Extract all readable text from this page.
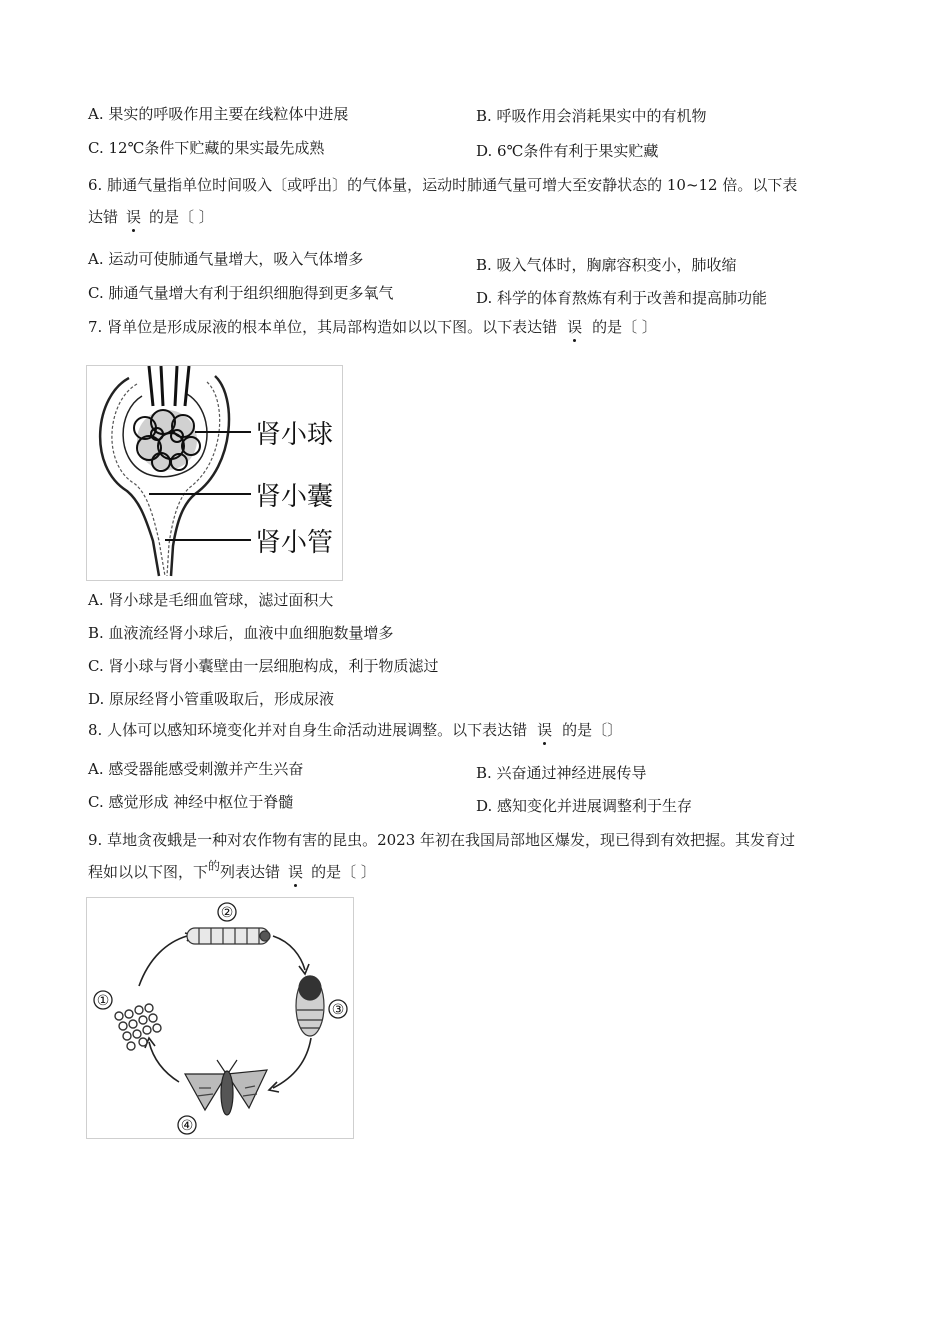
A. 果实的呼吸作用主要在线粒体中进展	B. 呼吸作用会消耗果实中的有机物
C. 12℃条件下贮藏的果实最先成熟	D. 6℃条件有利于果实贮藏
6. 肺通气量指单位时间吸入〔或呼出〕的气体量，运动时肺通气量可增大至安静状态的 10~12 倍。以下表
达错 误 的是〔 〕
A. 运动可使肺通气量增大，吸入气体增多	B. 吸入气体时，胸廓容积变小，肺收缩
C. 肺通气量增大有利于组织细胞得到更多氧气	D. 科学的体育熬炼有利于改善和提高肺功能
7. 肾单位是形成尿液的根本单位，其局部构造如以以下图。以下表达错 误 的是〔 〕
肾小球
肾小囊
肾小管
A. 肾小球是毛细血管球，滤过面积大
B. 血液流经肾小球后，血液中血细胞数量增多
C. 肾小球与肾小囊壁由一层细胞构成，利于物质滤过
D. 原尿经肾小管重吸取后，形成尿液
8. 人体可以感知环境变化并对自身生命活动进展调整。以下表达错 误 的是〔〕
A. 感受器能感受刺激并产生兴奋	B. 兴奋通过神经进展传导
C. 感觉形成 神经中枢位于脊髓	D. 感知变化并进展调整利于生存
9. 草地贪夜蛾是一种对农作物有害的昆虫。2023 年初在我国局部地区爆发，现已得到有效把握。其发育过
程如以以下图，下$^的$列表达错 误 的是〔 〕
②
①
③
④
